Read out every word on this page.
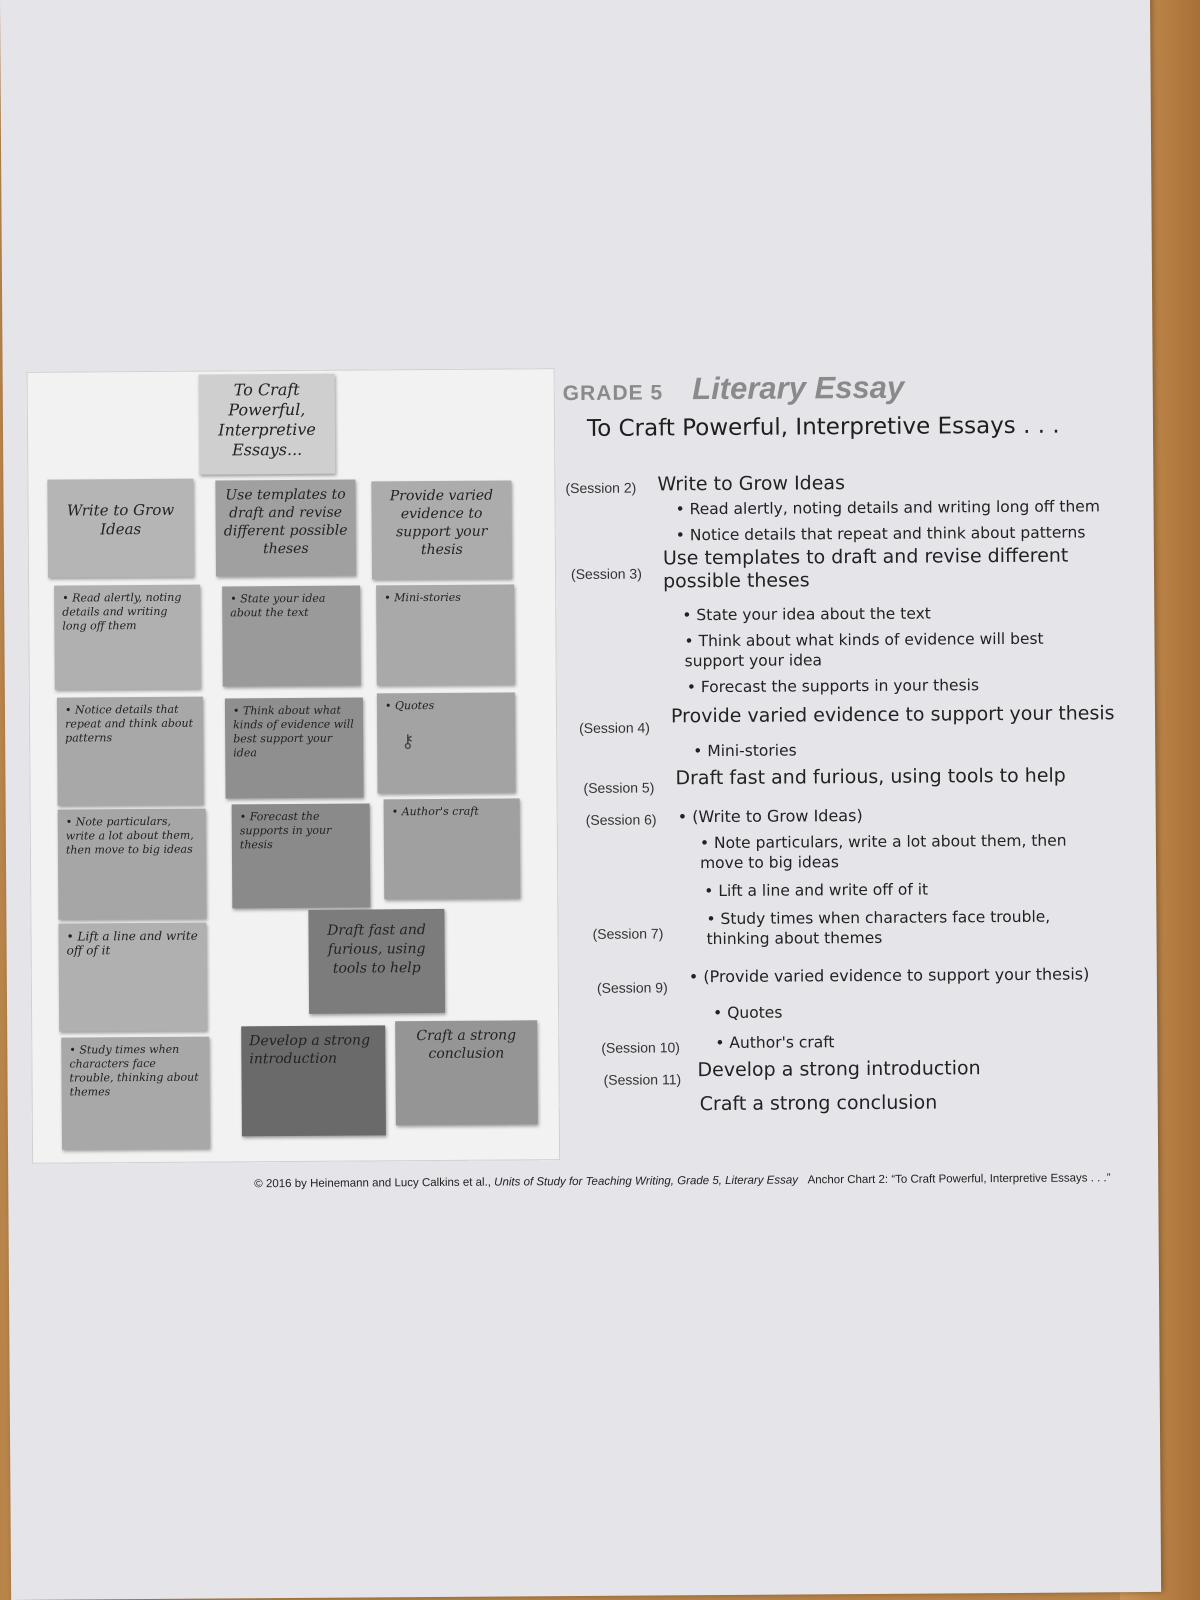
To Craft Powerful, Interpretive Essays...
Write to Grow Ideas
Use templates to draft and revise different possible theses
Provide varied evidence to support your thesis
• Read alertly, noting details and writing long off them
• State your idea about the text
• Mini-stories
• Notice details that repeat and think about patterns
• Think about what kinds of evidence will best support your idea
• Quotes
⚷
• Note particulars, write a lot about them, then move to big ideas
• Forecast the supports in your thesis
• Author's craft
• Lift a line and write off of it
Draft fast and furious, using tools to help
• Study times when characters face trouble, thinking about themes
Develop a strong introduction
Craft a strong conclusion
GRADE 5 Literary Essay
To Craft Powerful, Interpretive Essays . . .
(Session 2) Write to Grow Ideas
• Read alertly, noting details and writing long off them
• Notice details that repeat and think about patterns
(Session 3)
Use templates to draft and revise different possible theses
• State your idea about the text
• Think about what kinds of evidence will best support your idea
• Forecast the supports in your thesis
(Session 4)
Provide varied evidence to support your thesis
• Mini-stories
(Session 5) Draft fast and furious, using tools to help
(Session 6)	• (Write to Grow Ideas)
• Note particulars, write a lot about them, then move to big ideas
• Lift a line and write off of it
(Session 7)
• Study times when characters face trouble, thinking about themes
(Session 9)
• (Provide varied evidence to support your thesis)
• Quotes
(Session 10)	• Author's craft
(Session 11) Develop a strong introduction
Craft a strong conclusion
© 2016 by Heinemann and Lucy Calkins et al., Units of Study for Teaching Writing, Grade 5, Literary Essay Anchor Chart 2: “To Craft Powerful, Interpretive Essays . . .”
